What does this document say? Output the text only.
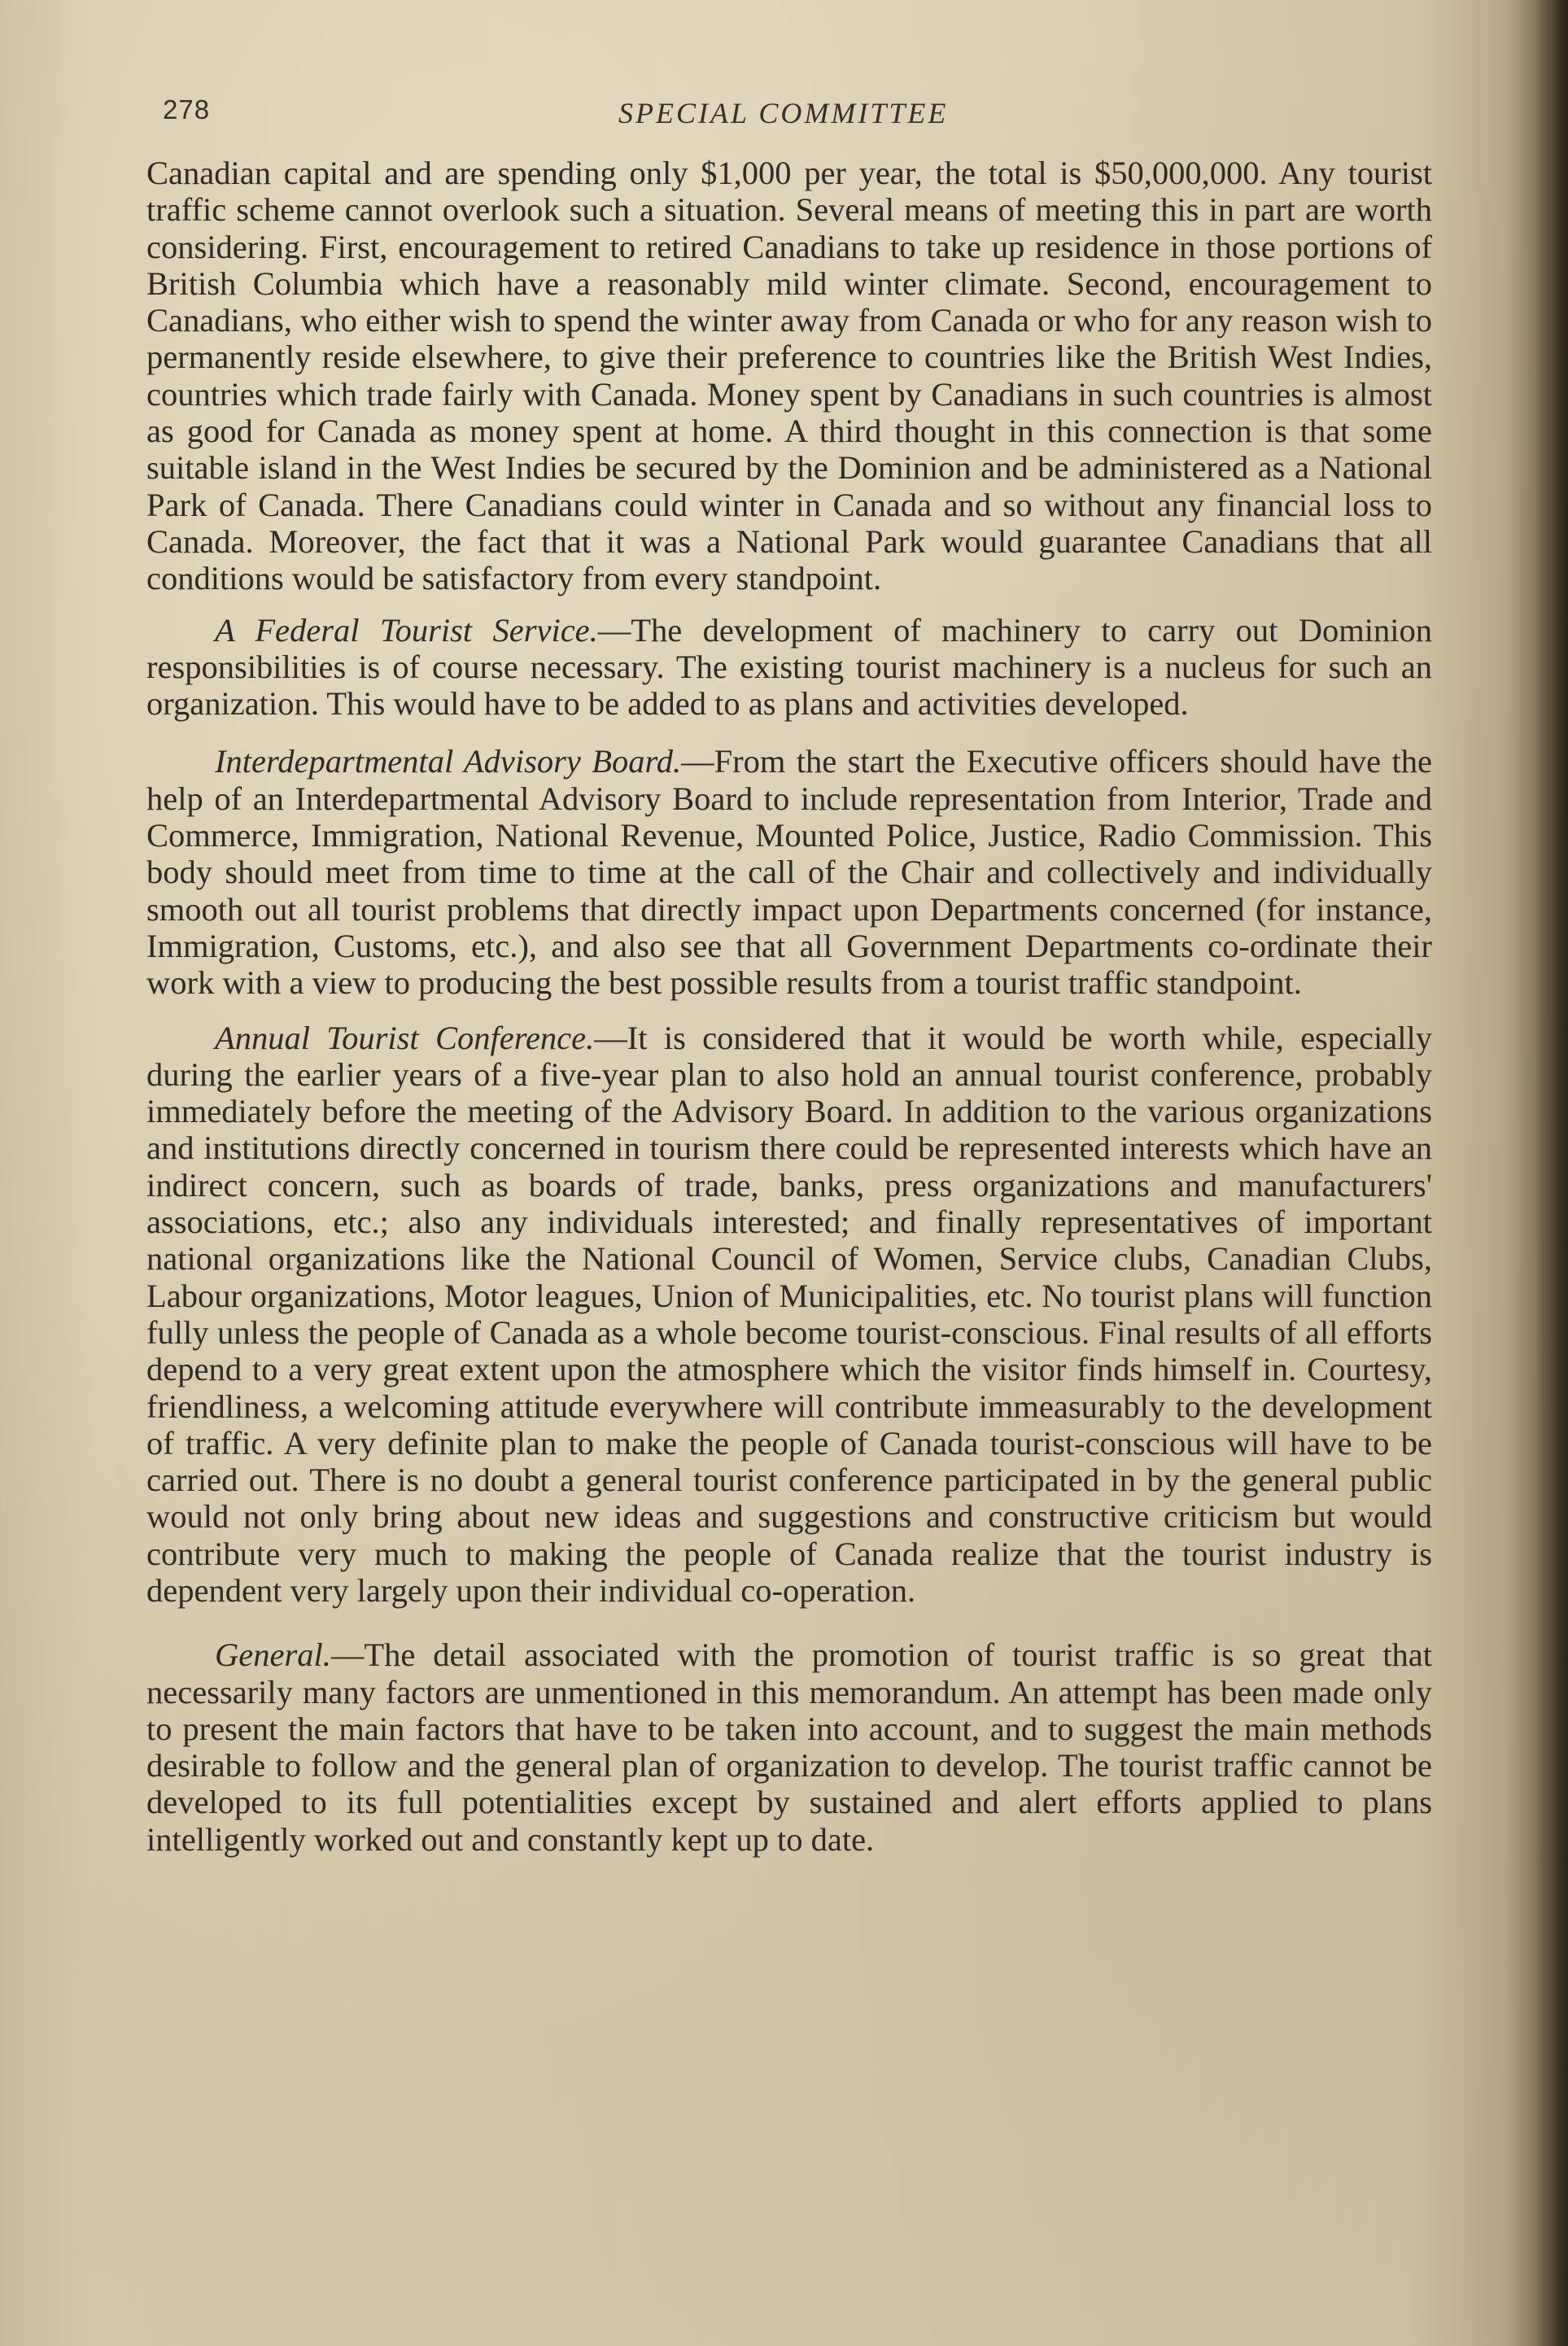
278	SPECIAL COMMITTEE

Canadian capital and are spending only $1,000 per year, the total is $50,000,000. Any tourist traffic scheme cannot overlook such a situation. Several means of meeting this in part are worth considering. First, encouragement to retired Canadians to take up residence in those portions of British Columbia which have a reasonably mild winter climate. Second, encouragement to Canadians, who either wish to spend the winter away from Canada or who for any reason wish to permanently reside elsewhere, to give their preference to countries like the British West Indies, countries which trade fairly with Canada. Money spent by Canadians in such countries is almost as good for Canada as money spent at home. A third thought in this connection is that some suitable island in the West Indies be secured by the Dominion and be administered as a National Park of Canada. There Canadians could winter in Canada and so without any financial loss to Canada. Moreover, the fact that it was a National Park would guarantee Canadians that all conditions would be satisfactory from every standpoint.

A Federal Tourist Service.—The development of machinery to carry out Dominion responsibilities is of course necessary. The existing tourist machinery is a nucleus for such an organization. This would have to be added to as plans and activities developed.

Interdepartmental Advisory Board.—From the start the Executive officers should have the help of an Interdepartmental Advisory Board to include representation from Interior, Trade and Commerce, Immigration, National Revenue, Mounted Police, Justice, Radio Commission. This body should meet from time to time at the call of the Chair and collectively and individually smooth out all tourist problems that directly impact upon Departments concerned (for instance, Immigration, Customs, etc.), and also see that all Government Departments co-ordinate their work with a view to producing the best possible results from a tourist traffic standpoint.

Annual Tourist Conference.—It is considered that it would be worth while, especially during the earlier years of a five-year plan to also hold an annual tourist conference, probably immediately before the meeting of the Advisory Board. In addition to the various organizations and institutions directly concerned in tourism there could be represented interests which have an indirect concern, such as boards of trade, banks, press organizations and manufacturers' associations, etc.; also any individuals interested; and finally representatives of important national organizations like the National Council of Women, Service clubs, Canadian Clubs, Labour organizations, Motor leagues, Union of Municipalities, etc. No tourist plans will function fully unless the people of Canada as a whole become tourist-conscious. Final results of all efforts depend to a very great extent upon the atmosphere which the visitor finds himself in. Courtesy, friendliness, a welcoming attitude everywhere will contribute immeasurably to the development of traffic. A very definite plan to make the people of Canada tourist-conscious will have to be carried out. There is no doubt a general tourist conference participated in by the general public would not only bring about new ideas and suggestions and constructive criticism but would contribute very much to making the people of Canada realize that the tourist industry is dependent very largely upon their individual co-operation.

General.—The detail associated with the promotion of tourist traffic is so great that necessarily many factors are unmentioned in this memorandum. An attempt has been made only to present the main factors that have to be taken into account, and to suggest the main methods desirable to follow and the general plan of organization to develop. The tourist traffic cannot be developed to its full potentialities except by sustained and alert efforts applied to plans intelligently worked out and constantly kept up to date.
